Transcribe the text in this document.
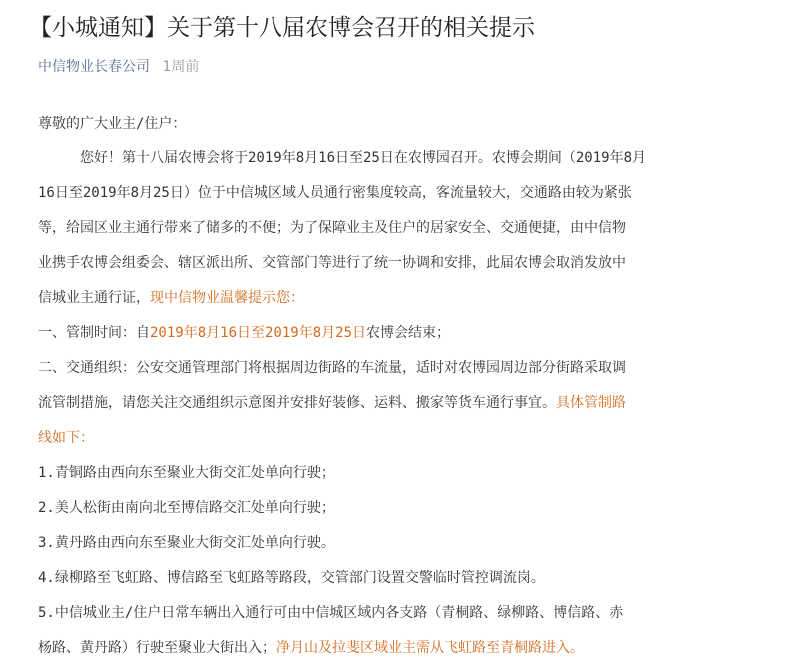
【小城通知】关于第十八届农博会召开的相关提示
中信物业长春公司 1周前
尊敬的广大业主/住户：
您好！第十八届农博会将于2019年8月16日至25日在农博园召开。农博会期间（2019年8月
16日至2019年8月25日）位于中信城区域人员通行密集度较高，客流量较大，交通路由较为紧张
等，给园区业主通行带来了储多的不便；为了保障业主及住户的居家安全、交通便捷，由中信物
业携手农博会组委会、辖区派出所、交管部门等进行了统一协调和安排，此届农博会取消发放中
信城业主通行证，现中信物业温馨提示您：
一、管制时间：自2019年8月16日至2019年8月25日农博会结束；
二、交通组织：公安交通管理部门将根据周边街路的车流量，适时对农博园周边部分街路采取调
流管制措施，请您关注交通组织示意图并安排好装修、运料、搬家等货车通行事宜。具体管制路
线如下：
1.青铜路由西向东至聚业大街交汇处单向行驶；
2.美人松街由南向北至博信路交汇处单向行驶；
3.黄丹路由西向东至聚业大街交汇处单向行驶。
4.绿柳路至飞虹路、博信路至飞虹路等路段，交管部门设置交警临时管控调流岗。
5.中信城业主/住户日常车辆出入通行可由中信城区域内各支路（青桐路、绿柳路、博信路、赤
杨路、黄丹路）行驶至聚业大街出入；净月山及拉斐区域业主需从飞虹路至青桐路进入。
